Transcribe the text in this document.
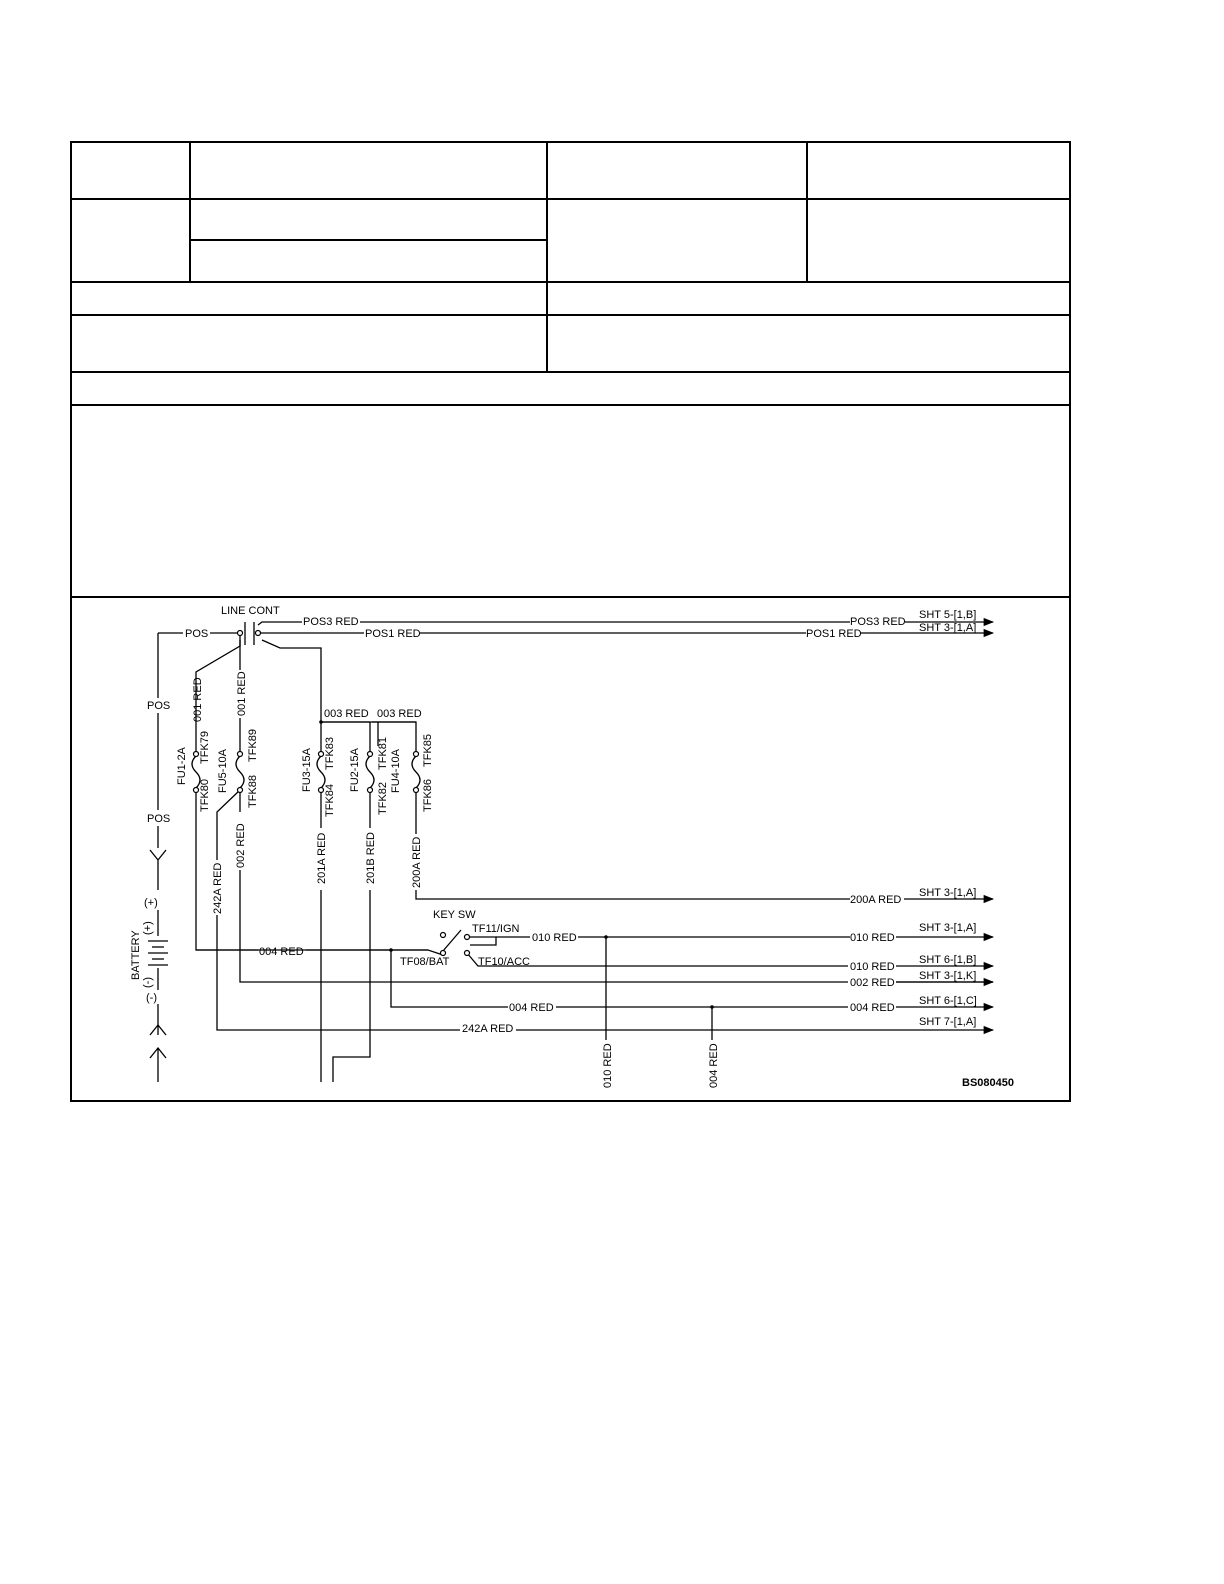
LINE CONT
KEY SW
POS
POS
POS
POS3 RED	POS3 RED
POS1 RED	POS1 RED
SHT 5-[1,B]
SHT 3-[1,A]
SHT 3-[1,A]
SHT 3-[1,A]
SHT 6-[1,B]
SHT 3-[1,K]
SHT 6-[1,C]
SHT 7-[1,A]
003 RED 003 RED
200A RED
TF11/IGN
010 RED	010 RED
004 RED
TF08/BAT	TF10/ACC	010 RED
002 RED
004 RED	004 RED
242A RED
(+)
(-)
BATTERY
(+)
(-)
001 RED	001 RED
FU1-2A TFK79
TFK80
FU5-10A
TFK89
TFK88	FU3-15A TFK83
TFK84
FU2-15A TFK81
TFK82
FU4-10A TFK85
TFK86
002 RED
242A RED
201A RED	201B RED	200A RED
010 RED	004 RED	BS080450
